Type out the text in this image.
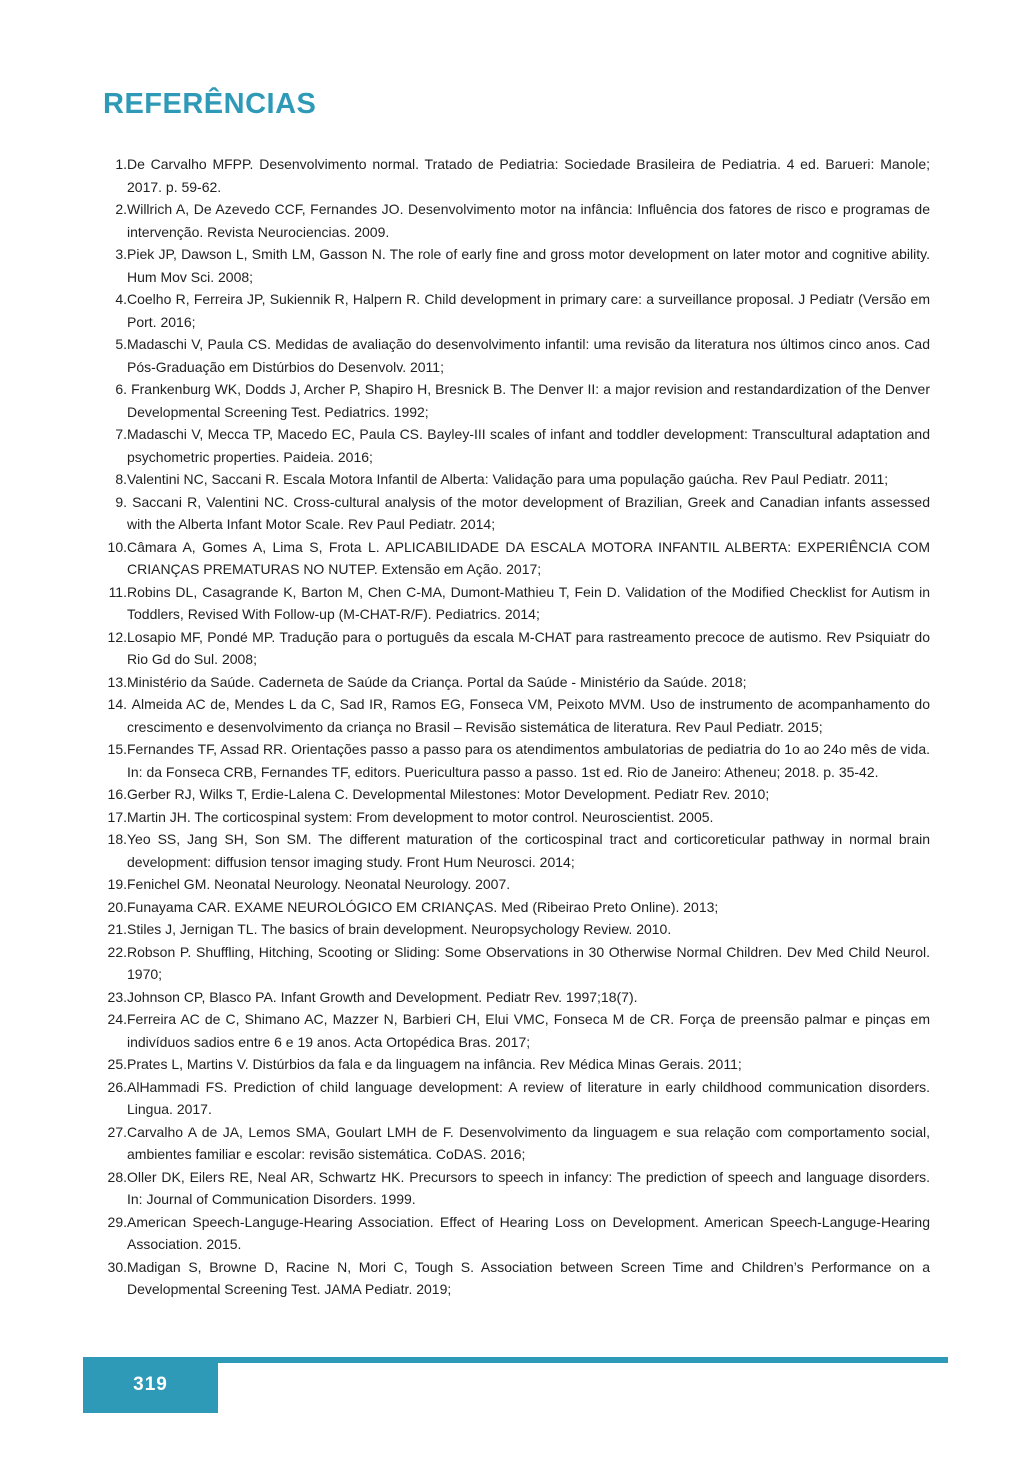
REFERÊNCIAS
1. De Carvalho MFPP. Desenvolvimento normal. Tratado de Pediatria: Sociedade Brasileira de Pediatria. 4 ed. Barueri: Manole; 2017. p. 59-62.
2. Willrich A, De Azevedo CCF, Fernandes JO. Desenvolvimento motor na infância: Influência dos fatores de risco e programas de intervenção. Revista Neurociencias. 2009.
3. Piek JP, Dawson L, Smith LM, Gasson N. The role of early fine and gross motor development on later motor and cognitive ability. Hum Mov Sci. 2008;
4. Coelho R, Ferreira JP, Sukiennik R, Halpern R. Child development in primary care: a surveillance proposal. J Pediatr (Versão em Port. 2016;
5. Madaschi V, Paula CS. Medidas de avaliação do desenvolvimento infantil: uma revisão da literatura nos últimos cinco anos. Cad Pós-Graduação em Distúrbios do Desenvolv. 2011;
6. Frankenburg WK, Dodds J, Archer P, Shapiro H, Bresnick B. The Denver II: a major revision and restandardization of the Denver Developmental Screening Test. Pediatrics. 1992;
7. Madaschi V, Mecca TP, Macedo EC, Paula CS. Bayley-III scales of infant and toddler development: Transcultural adaptation and psychometric properties. Paideia. 2016;
8. Valentini NC, Saccani R. Escala Motora Infantil de Alberta: Validação para uma população gaúcha. Rev Paul Pediatr. 2011;
9. Saccani R, Valentini NC. Cross-cultural analysis of the motor development of Brazilian, Greek and Canadian infants assessed with the Alberta Infant Motor Scale. Rev Paul Pediatr. 2014;
10. Câmara A, Gomes A, Lima S, Frota L. APLICABILIDADE DA ESCALA MOTORA INFANTIL ALBERTA: EXPERIÊNCIA COM CRIANÇAS PREMATURAS NO NUTEP. Extensão em Ação. 2017;
11. Robins DL, Casagrande K, Barton M, Chen C-MA, Dumont-Mathieu T, Fein D. Validation of the Modified Checklist for Autism in Toddlers, Revised With Follow-up (M-CHAT-R/F). Pediatrics. 2014;
12. Losapio MF, Pondé MP. Tradução para o português da escala M-CHAT para rastreamento precoce de autismo. Rev Psiquiatr do Rio Gd do Sul. 2008;
13. Ministério da Saúde. Caderneta de Saúde da Criança. Portal da Saúde - Ministério da Saúde. 2018;
14. Almeida AC de, Mendes L da C, Sad IR, Ramos EG, Fonseca VM, Peixoto MVM. Uso de instrumento de acompanhamento do crescimento e desenvolvimento da criança no Brasil – Revisão sistemática de literatura. Rev Paul Pediatr. 2015;
15. Fernandes TF, Assad RR. Orientações passo a passo para os atendimentos ambulatorias de pediatria do 1o ao 24o mês de vida. In: da Fonseca CRB, Fernandes TF, editors. Puericultura passo a passo. 1st ed. Rio de Janeiro: Atheneu; 2018. p. 35-42.
16. Gerber RJ, Wilks T, Erdie-Lalena C. Developmental Milestones: Motor Development. Pediatr Rev. 2010;
17. Martin JH. The corticospinal system: From development to motor control. Neuroscientist. 2005.
18. Yeo SS, Jang SH, Son SM. The different maturation of the corticospinal tract and corticoreticular pathway in normal brain development: diffusion tensor imaging study. Front Hum Neurosci. 2014;
19. Fenichel GM. Neonatal Neurology. Neonatal Neurology. 2007.
20. Funayama CAR. EXAME NEUROLÓGICO EM CRIANÇAS. Med (Ribeirao Preto Online). 2013;
21. Stiles J, Jernigan TL. The basics of brain development. Neuropsychology Review. 2010.
22. Robson P. Shuffling, Hitching, Scooting or Sliding: Some Observations in 30 Otherwise Normal Children. Dev Med Child Neurol. 1970;
23. Johnson CP, Blasco PA. Infant Growth and Development. Pediatr Rev. 1997;18(7).
24. Ferreira AC de C, Shimano AC, Mazzer N, Barbieri CH, Elui VMC, Fonseca M de CR. Força de preensão palmar e pinças em indivíduos sadios entre 6 e 19 anos. Acta Ortopédica Bras. 2017;
25. Prates L, Martins V. Distúrbios da fala e da linguagem na infância. Rev Médica Minas Gerais. 2011;
26. AlHammadi FS. Prediction of child language development: A review of literature in early childhood communication disorders. Lingua. 2017.
27. Carvalho A de JA, Lemos SMA, Goulart LMH de F. Desenvolvimento da linguagem e sua relação com comportamento social, ambientes familiar e escolar: revisão sistemática. CoDAS. 2016;
28. Oller DK, Eilers RE, Neal AR, Schwartz HK. Precursors to speech in infancy: The prediction of speech and language disorders. In: Journal of Communication Disorders. 1999.
29. American Speech-Languge-Hearing Association. Effect of Hearing Loss on Development. American Speech-Languge-Hearing Association. 2015.
30. Madigan S, Browne D, Racine N, Mori C, Tough S. Association between Screen Time and Children’s Performance on a Developmental Screening Test. JAMA Pediatr. 2019;
319
